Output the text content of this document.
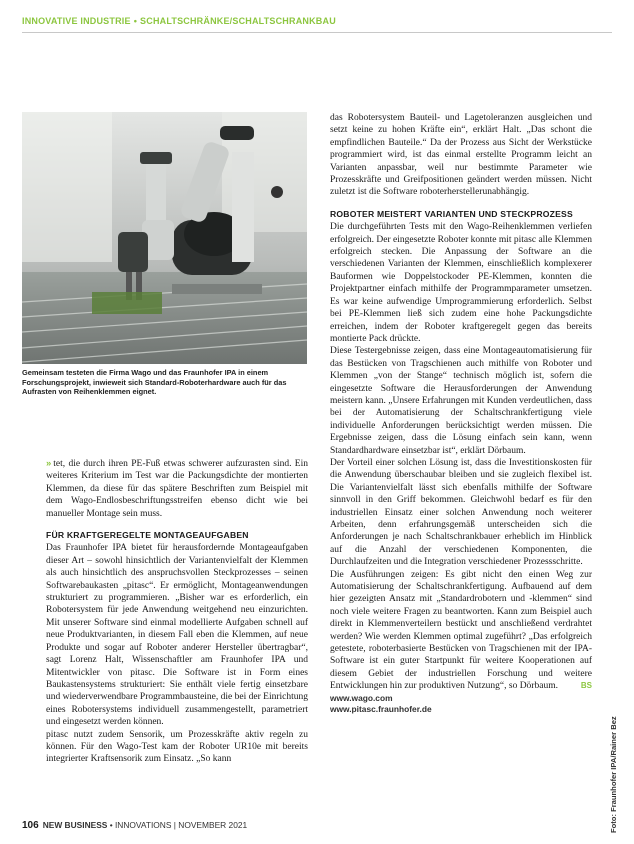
INNOVATIVE INDUSTRIE • SCHALTSCHRÄNKE/SCHALTSCHRANKBAU
Gemeinsam testeten die Firma Wago und das Fraunhofer IPA in einem Forschungsprojekt, inwieweit sich Standard-Roboterhardware auch für das Aufrasten von Reihenklemmen eignet.

» tet, die durch ihren PE-Fuß etwas schwerer aufzurasten sind. Ein weiteres Kriterium im Test war die Packungsdichte der montierten Klemmen, da diese für das spätere Beschriften zum Beispiel mit dem Wago-Endlosbeschriftungsstreifen ebenso dicht wie bei manueller Montage sein muss.

FÜR KRAFTGEREGELTE MONTAGEAUFGABEN

Das Fraunhofer IPA bietet für herausfordernde Montageaufgaben dieser Art – sowohl hinsichtlich der Variantenvielfalt der Klemmen als auch hinsichtlich des anspruchsvollen Steckprozesses – seinen Softwarebaukasten „pitasc“. Er ermöglicht, Montageanwendungen strukturiert zu programmieren. „Bisher war es erforderlich, ein Robotersystem für jede Anwendung weitgehend neu einzurichten. Mit unserer Software sind einmal modellierte Aufgaben schnell auf neue Produktvarianten, in diesem Fall eben die Klemmen, auf neue Produkte und sogar auf Roboter anderer Hersteller übertragbar“, sagt Lorenz Halt, Wissenschaftler am Fraunhofer IPA und Mitentwickler von pitasc. Die Software ist in Form eines Baukastensystems strukturiert: Sie enthält viele fertig einsetzbare und wiederverwendbare Programmbausteine, die bei der Einrichtung eines Robotersystems individuell zusammengestellt, parametriert und eingesetzt werden können.

pitasc nutzt zudem Sensorik, um Prozesskräfte aktiv regeln zu können. Für den Wago-Test kam der Roboter UR10e mit bereits integrierter Kraftsensorik zum Einsatz. „So kann

das Robotersystem Bauteil- und Lagetoleranzen ausgleichen und setzt keine zu hohen Kräfte ein“, erklärt Halt. „Das schont die empfindlichen Bauteile.“ Da der Prozess aus Sicht der Werkstücke programmiert wird, ist das einmal erstellte Programm leicht an Varianten anpassbar, weil nur bestimmte Parameter wie Prozesskräfte und Greifpositionen geändert werden müssen. Nicht zuletzt ist die Software roboterherstellerunabhängig.

ROBOTER MEISTERT VARIANTEN UND STECKPROZESS

Die durchgeführten Tests mit den Wago-Reihenklemmen verliefen erfolgreich. Der eingesetzte Roboter konnte mit pitasc alle Klemmen erfolgreich stecken. Die Anpassung der Software an die verschiedenen Varianten der Klemmen, einschließlich komplexerer Bauformen wie Doppelstockoder PE-Klemmen, konnten die Projektpartner einfach mithilfe der Programmparameter umsetzen. Es war keine aufwendige Umprogrammierung erforderlich. Selbst bei PE-Klemmen ließ sich zudem eine hohe Packungsdichte erreichen, indem der Roboter kraftgeregelt gegen das bereits montierte Pack drückte.

Diese Testergebnisse zeigen, dass eine Montageautomatisierung für das Bestücken von Tragschienen auch mithilfe von Roboter und Klemmen „von der Stange“ technisch möglich ist, sofern die eingesetzte Software die Herausforderungen der Anwendung meistern kann. „Unsere Erfahrungen mit Kunden verdeutlichen, dass bei der Automatisierung der Schaltschrankfertigung viele individuelle Anforderungen berücksichtigt werden müssen. Die Ergebnisse zeigen, dass die Lösung einfach sein kann, wenn Standardhardware einsetzbar ist“, erklärt Dörbaum.

Der Vorteil einer solchen Lösung ist, dass die Investitionskosten für die Anwendung überschaubar bleiben und sie zugleich flexibel ist. Die Variantenvielfalt lässt sich ebenfalls mithilfe der Software sinnvoll in den Griff bekommen. Gleichwohl bedarf es für den industriellen Einsatz einer solchen Anwendung noch weiterer Arbeiten, denn erfahrungsgemäß unterscheiden sich die Anforderungen je nach Schaltschrankbauer erheblich im Hinblick auf die Anzahl der verschiedenen Komponenten, die Durchlaufzeiten und die Integration verschiedener Prozessschritte.

Die Ausführungen zeigen: Es gibt nicht den einen Weg zur Automatisierung der Schaltschrankfertigung. Aufbauend auf dem hier gezeigten Ansatz mit „Standardrobotern und -klemmen“ sind noch viele weitere Fragen zu beantworten. Kann zum Beispiel auch direkt in Klemmenverteilern bestückt und anschließend verdrahtet werden? Wie werden Klemmen optimal zugeführt? „Das erfolgreich getestete, roboterbasierte Bestücken von Tragschienen mit der IPA-Software ist ein guter Startpunkt für weitere Kooperationen auf diesem Gebiet der industriellen Forschung und weitere Entwicklungen hin zur produktiven Nutzung“, so Dörbaum.	BS

www.wago.com

www.pitasc.fraunhofer.de

Foto: Fraunhofer IPA/Rainer Bez
106 NEW BUSINESS • INNOVATIONS | NOVEMBER 2021
